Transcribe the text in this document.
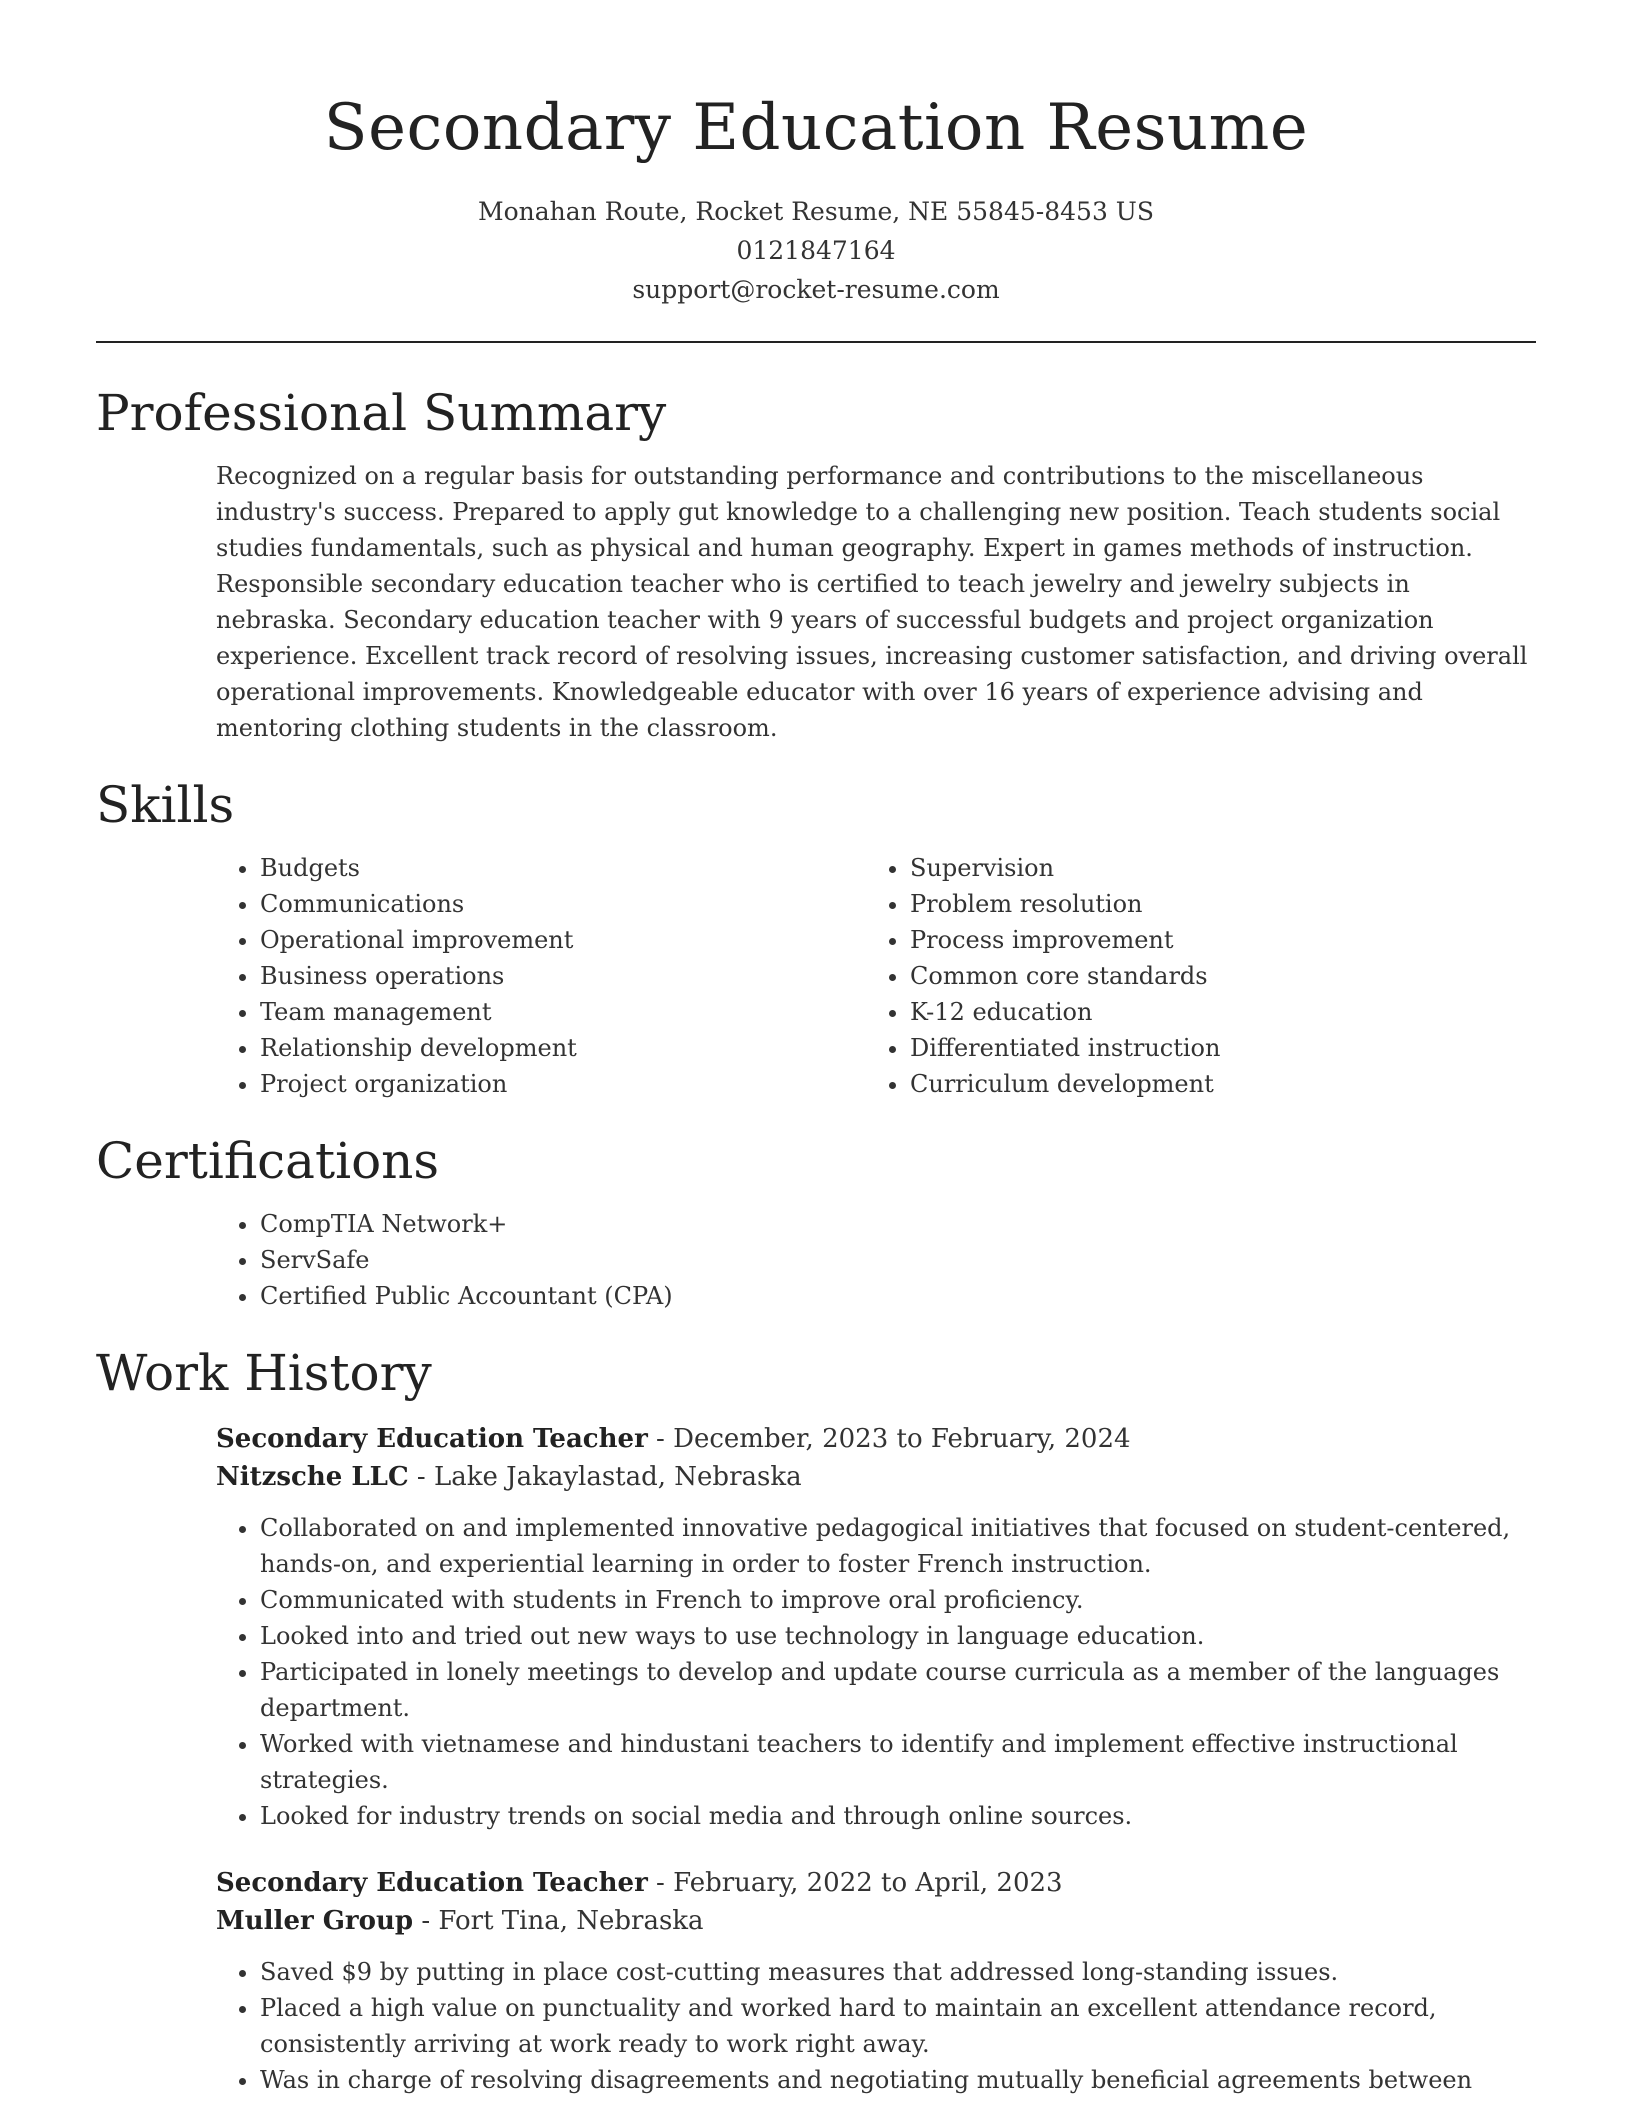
Secondary Education Resume
Monahan Route, Rocket Resume, NE 55845-8453 US
0121847164
support@rocket-resume.com
Professional Summary

Recognized on a regular basis for outstanding performance and contributions to the miscellaneous industry's success. Prepared to apply gut knowledge to a challenging new position. Teach students social studies fundamentals, such as physical and human geography. Expert in games methods of instruction. Responsible secondary education teacher who is certified to teach jewelry and jewelry subjects in nebraska. Secondary education teacher with 9 years of successful budgets and project organization experience. Excellent track record of resolving issues, increasing customer satisfaction, and driving overall operational improvements. Knowledgeable educator with over 16 years of experience advising and mentoring clothing students in the classroom.

Skills
• Budgets
• Communications
• Operational improvement
• Business operations
• Team management
• Relationship development
• Project organization
• Supervision
• Problem resolution
• Process improvement
• Common core standards
• K-12 education
• Differentiated instruction
• Curriculum development
Certifications
• CompTIA Network+
• ServSafe
• Certified Public Accountant (CPA)
Work History
Secondary Education Teacher - December, 2023 to February, 2024
Nitzsche LLC - Lake Jakaylastad, Nebraska
• Collaborated on and implemented innovative pedagogical initiatives that focused on student-centered, hands-on, and experiential learning in order to foster French instruction.
• Communicated with students in French to improve oral proficiency.
• Looked into and tried out new ways to use technology in language education.
• Participated in lonely meetings to develop and update course curricula as a member of the languages department.
• Worked with vietnamese and hindustani teachers to identify and implement effective instructional strategies.
• Looked for industry trends on social media and through online sources.
Secondary Education Teacher - February, 2022 to April, 2023
Muller Group - Fort Tina, Nebraska
• Saved $9 by putting in place cost-cutting measures that addressed long-standing issues.
• Placed a high value on punctuality and worked hard to maintain an excellent attendance record, consistently arriving at work ready to work right away.
• Was in charge of resolving disagreements and negotiating mutually beneficial agreements between
